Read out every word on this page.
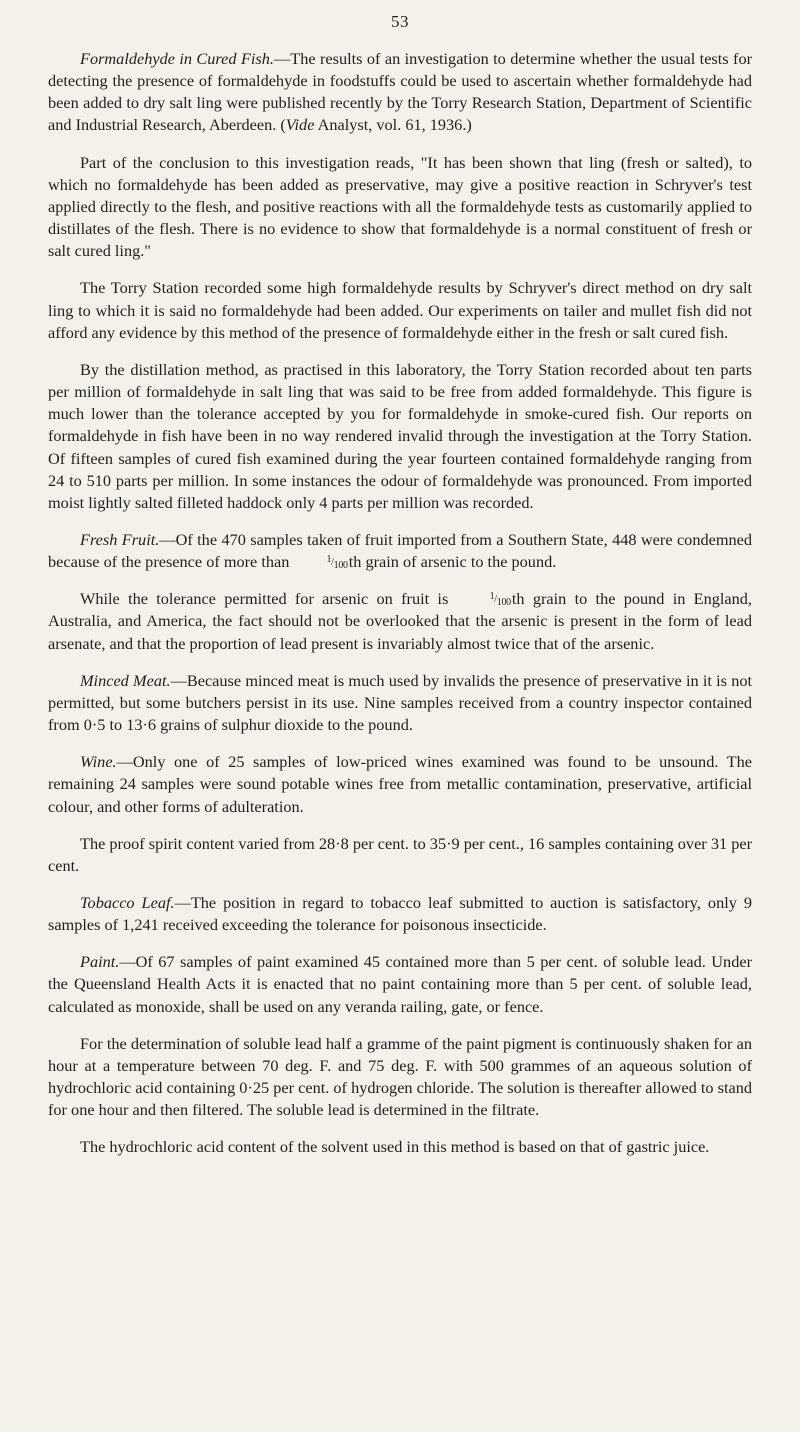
53

Formaldehyde in Cured Fish.—The results of an investigation to determine whether the usual tests for detecting the presence of formaldehyde in foodstuffs could be used to ascertain whether formaldehyde had been added to dry salt ling were published recently by the Torry Research Station, Department of Scientific and Industrial Research, Aberdeen. (Vide Analyst, vol. 61, 1936.)

Part of the conclusion to this investigation reads, "It has been shown that ling (fresh or salted), to which no formaldehyde has been added as preservative, may give a positive reaction in Schryver's test applied directly to the flesh, and positive reactions with all the formaldehyde tests as customarily applied to distillates of the flesh. There is no evidence to show that formaldehyde is a normal constituent of fresh or salt cured ling."

The Torry Station recorded some high formaldehyde results by Schryver's direct method on dry salt ling to which it is said no formaldehyde had been added. Our experiments on tailer and mullet fish did not afford any evidence by this method of the presence of formaldehyde either in the fresh or salt cured fish.

By the distillation method, as practised in this laboratory, the Torry Station recorded about ten parts per million of formaldehyde in salt ling that was said to be free from added formaldehyde. This figure is much lower than the tolerance accepted by you for formaldehyde in smoke-cured fish. Our reports on formaldehyde in fish have been in no way rendered invalid through the investigation at the Torry Station. Of fifteen samples of cured fish examined during the year fourteen contained formaldehyde ranging from 24 to 510 parts per million. In some instances the odour of formaldehyde was pronounced. From imported moist lightly salted filleted haddock only 4 parts per million was recorded.

Fresh Fruit.—Of the 470 samples taken of fruit imported from a Southern State, 448 were condemned because of the presence of more than	1/100th grain of arsenic to the pound.

While the tolerance permitted for arsenic on fruit is	1/100th grain to the pound in England, Australia, and America, the fact should not be overlooked that the arsenic is present in the form of lead arsenate, and that the proportion of lead present is invariably almost twice that of the arsenic.

Minced Meat.—Because minced meat is much used by invalids the presence of preservative in it is not permitted, but some butchers persist in its use. Nine samples received from a country inspector contained from 0·5 to 13·6 grains of sulphur dioxide to the pound.

Wine.—Only one of 25 samples of low-priced wines examined was found to be unsound. The remaining 24 samples were sound potable wines free from metallic contamination, preservative, artificial colour, and other forms of adulteration.

The proof spirit content varied from 28·8 per cent. to 35·9 per cent., 16 samples containing over 31 per cent.

Tobacco Leaf.—The position in regard to tobacco leaf submitted to auction is satisfactory, only 9 samples of 1,241 received exceeding the tolerance for poisonous insecticide.

Paint.—Of 67 samples of paint examined 45 contained more than 5 per cent. of soluble lead. Under the Queensland Health Acts it is enacted that no paint containing more than 5 per cent. of soluble lead, calculated as monoxide, shall be used on any veranda railing, gate, or fence.

For the determination of soluble lead half a gramme of the paint pigment is continuously shaken for an hour at a temperature between 70 deg. F. and 75 deg. F. with 500 grammes of an aqueous solution of hydrochloric acid containing 0·25 per cent. of hydrogen chloride. The solution is thereafter allowed to stand for one hour and then filtered. The soluble lead is determined in the filtrate.

The hydrochloric acid content of the solvent used in this method is based on that of gastric juice.
